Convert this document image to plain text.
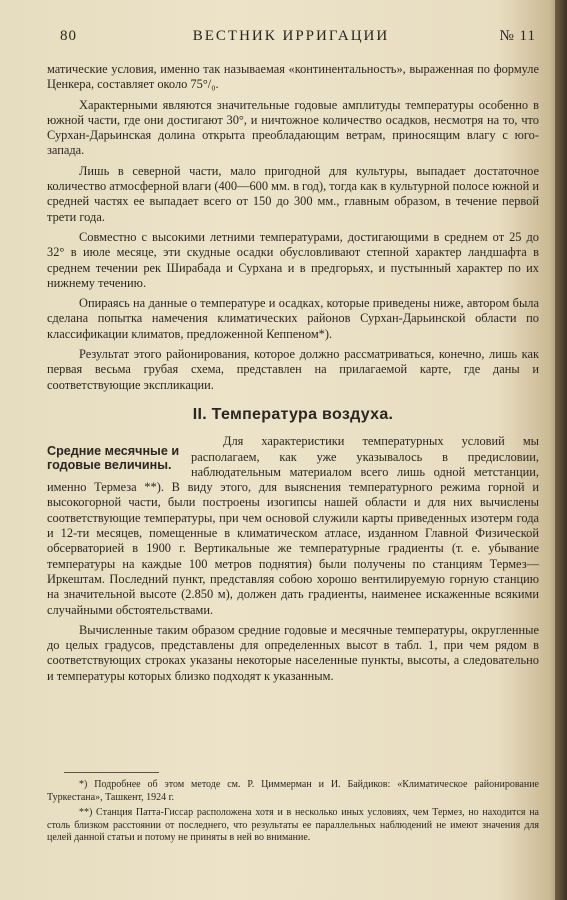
80	ВЕСТНИК ИРРИГАЦИИ	№ 11

матические условия, именно так называемая «континентальность», выраженная по формуле Ценкера, составляет около 75°/₀.

Характерными являются значительные годовые амплитуды температуры особенно в южной части, где они достигают 30°, и ничтожное количество осадков, несмотря на то, что Сурхан-Дарьинская долина открыта преобладающим ветрам, приносящим влагу с юго-запада.

Лишь в северной части, мало пригодной для культуры, выпадает достаточное количество атмосферной влаги (400—600 мм. в год), тогда как в культурной полосе южной и средней частях ее выпадает всего от 150 до 300 мм., главным образом, в течение первой трети года.

Совместно с высокими летними температурами, достигающими в среднем от 25 до 32° в июле месяце, эти скудные осадки обусловливают степной характер ландшафта в среднем течении рек Ширабада и Сурхана и в предгорьях, и пустынный характер по их нижнему течению.

Опираясь на данные о температуре и осадках, которые приведены ниже, автором была сделана попытка намечения климатических районов Сурхан-Дарьинской области по классификации климатов, предложенной Кеппеном*).

Результат этого районирования, которое должно рассматриваться, конечно, лишь как первая весьма грубая схема, представлен на прилагаемой карте, где даны и соответствующие экспликации.

II. Температура воздуха.
Средние месячные и годовые величины.

Для характеристики температурных условий мы располагаем, как уже указывалось в предисловии, наблюдательным материалом всего лишь одной метстанции, именно Термеза **). В виду этого, для выяснения температурного режима горной и высокогорной части, были построены изогипсы нашей области и для них вычислены соответствующие температуры, при чем основой служили карты приведенных изотерм года и 12-ти месяцев, помещенные в климатическом атласе, изданном Главной Физической обсерваторией в 1900 г. Вертикальные же температурные градиенты (т. е. убывание температуры на каждые 100 метров поднятия) были получены по станциям Термез—Иркештам. Последний пункт, представляя собою хорошо вентилируемую горную станцию на значительной высоте (2.850 м), должен дать градиенты, наименее искаженные всякими случайными обстоятельствами.

Вычисленные таким образом средние годовые и месячные температуры, округленные до целых градусов, представлены для определенных высот в табл. 1, при чем рядом в соответствующих строках указаны некоторые населенные пункты, высоты, а следовательно и температуры которых близко подходят к указанным.

*) Подробнее об этом методе см. Р. Циммерман и И. Байдиков: «Климатическое районирование Туркестана», Ташкент, 1924 г.

**) Станция Патта-Гиссар расположена хотя и в несколько иных условиях, чем Термез, но находится на столь близком расстоянии от последнего, что результаты ее параллельных наблюдений не имеют значения для целей данной статьи и потому не приняты в ней во внимание.
